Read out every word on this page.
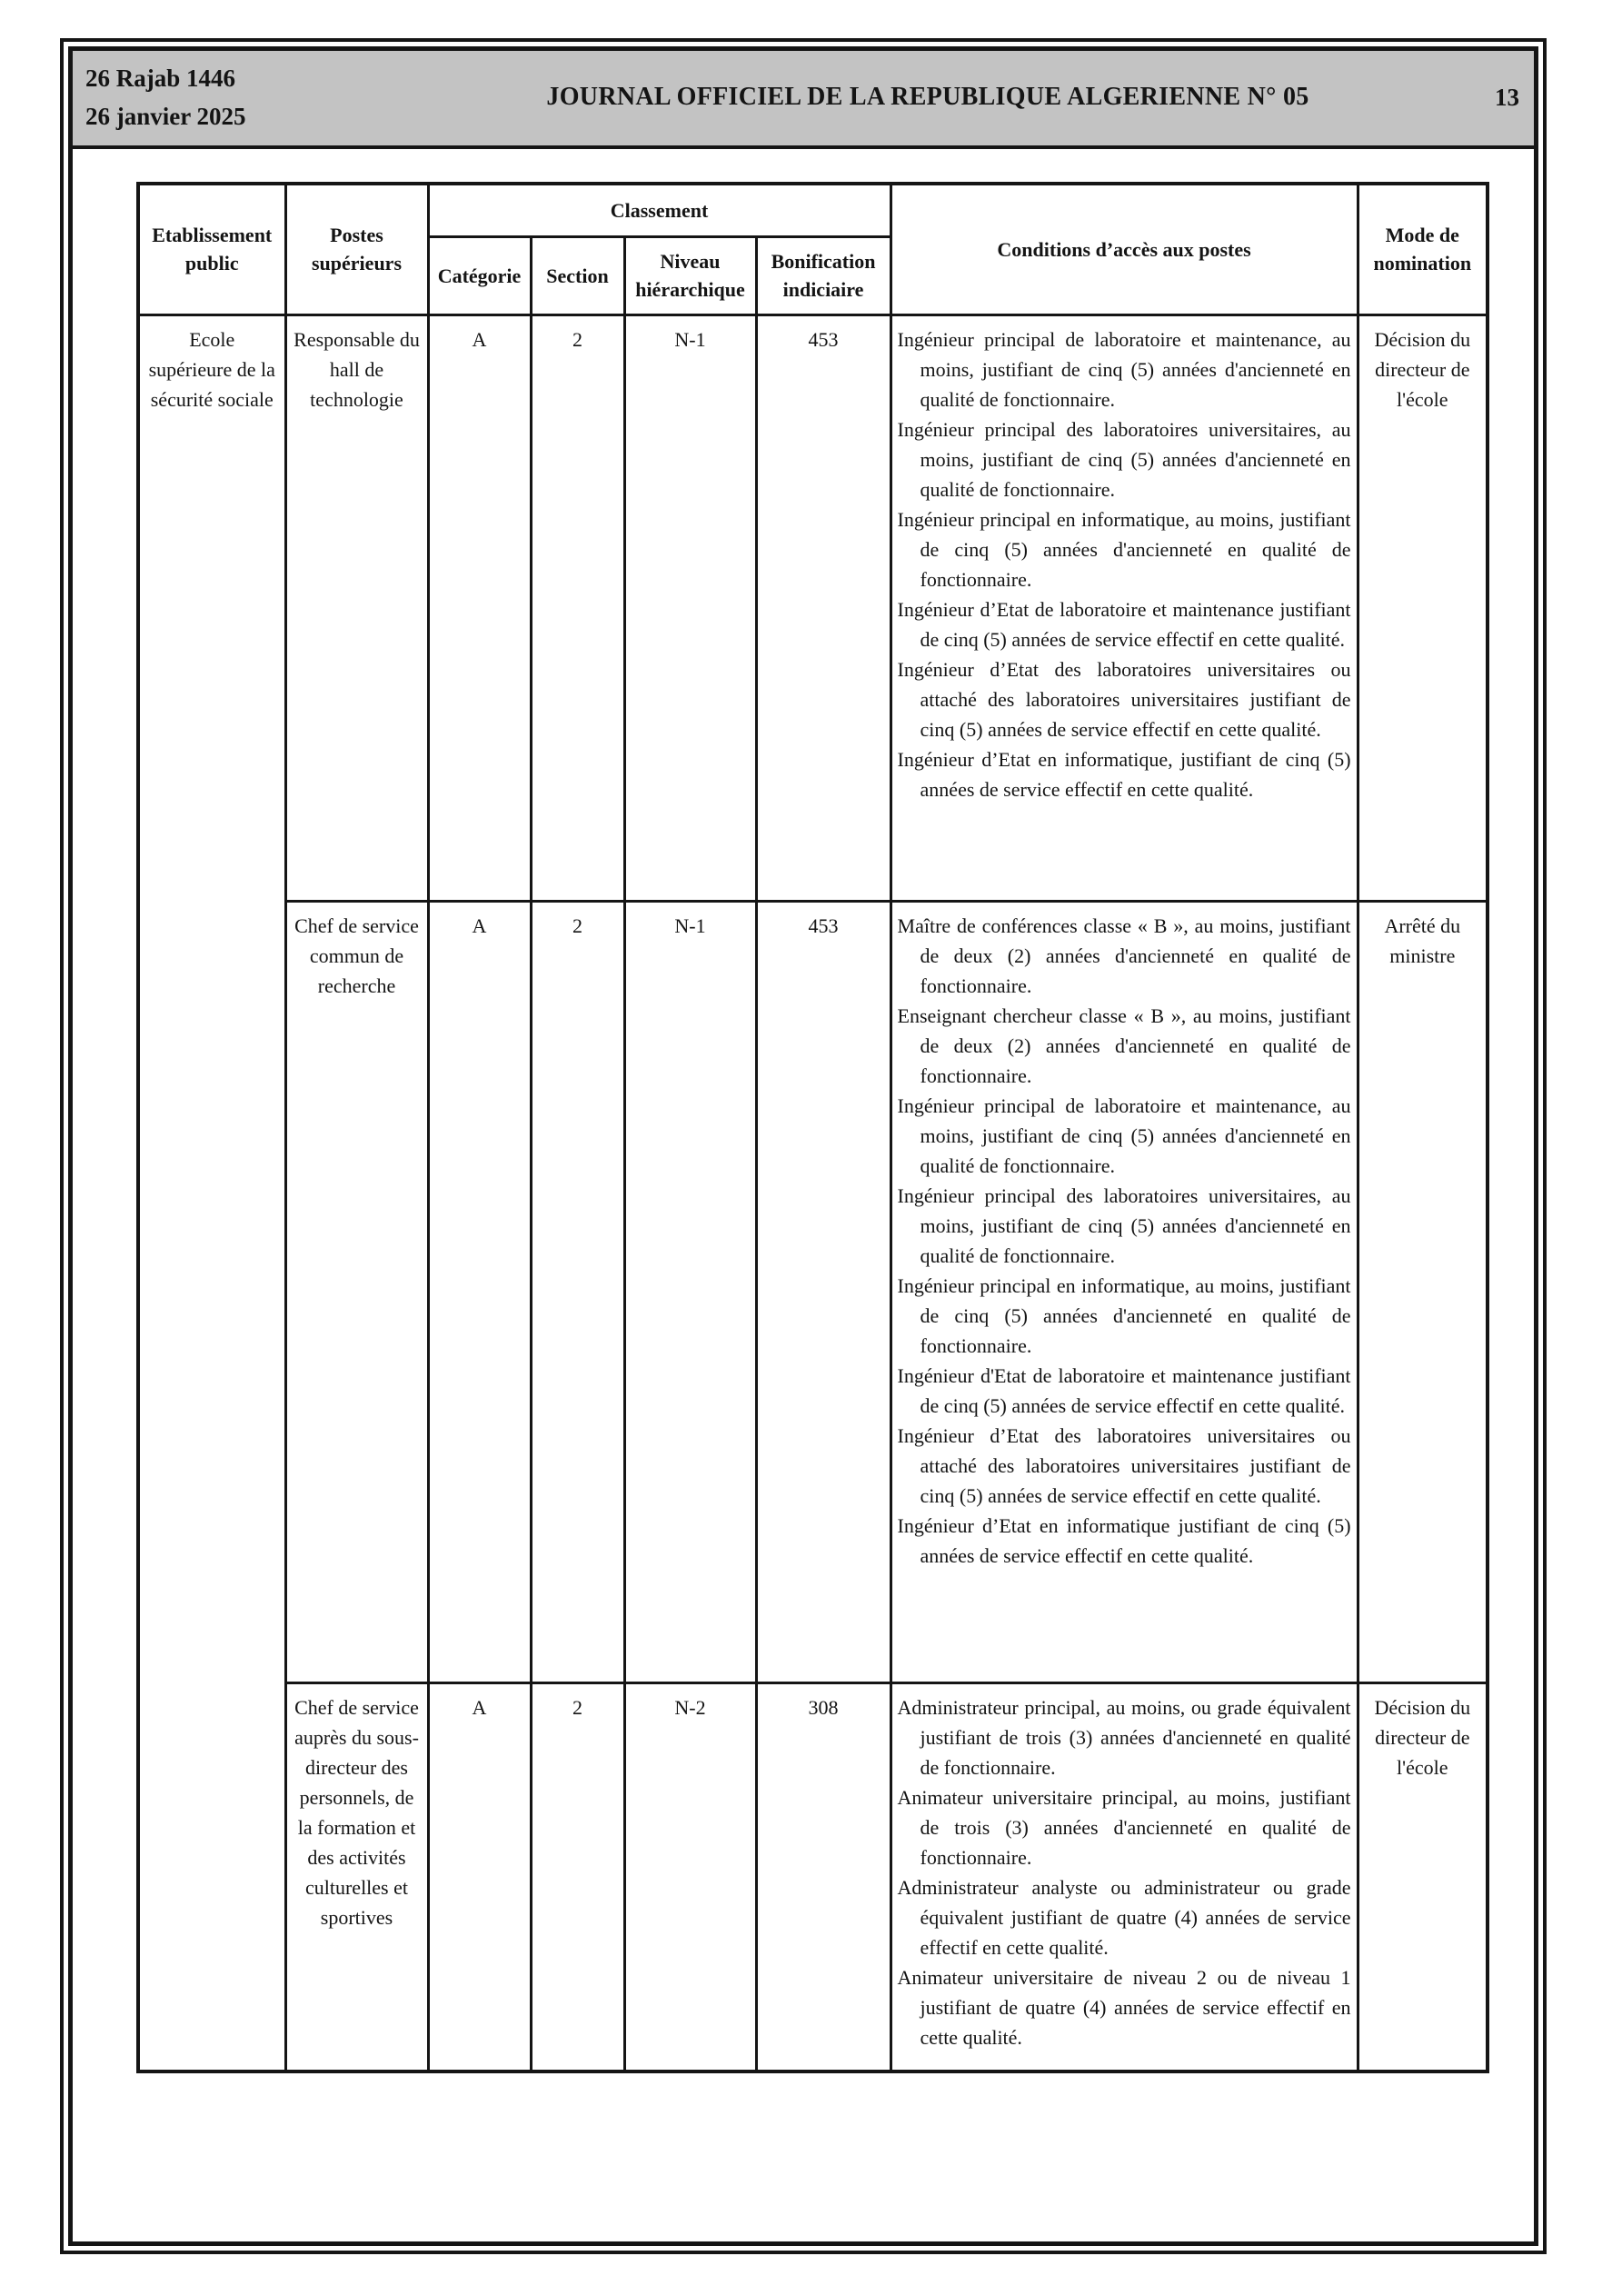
26 Rajab 1446
26 janvier 2025
JOURNAL OFFICIEL DE LA REPUBLIQUE ALGERIENNE N° 05	13
Etablissement public	Postes supérieurs	Classement				Conditions d’accès aux postes	Mode de nomination
		Catégorie	Section	Niveau hiérarchique	Bonification indiciaire		
Ecole supérieure de la sécurité sociale	Responsable du hall de technologie	A	2	N-1	453	Ingénieur principal de laboratoire et maintenance, au moins, justifiant de cinq (5) années d'ancienneté en qualité de fonctionnaire.
Ingénieur principal des laboratoires universitaires, au moins, justifiant de cinq (5) années d'ancienneté en qualité de fonctionnaire.
Ingénieur principal en informatique, au moins, justifiant de cinq (5) années d'ancienneté en qualité de fonctionnaire.
Ingénieur d’Etat de laboratoire et maintenance justifiant de cinq (5) années de service effectif en cette qualité.
Ingénieur d’Etat des laboratoires universitaires ou attaché des laboratoires universitaires justifiant de cinq (5) années de service effectif en cette qualité.
Ingénieur d’Etat en informatique, justifiant de cinq (5) années de service effectif en cette qualité.
	Décision du directeur de l'école
Chef de service commun de recherche	A	2	N-1	453	Maître de conférences classe « B », au moins, justifiant de deux (2) années d'ancienneté en qualité de fonctionnaire.
Enseignant chercheur classe « B », au moins, justifiant de deux (2) années d'ancienneté en qualité de fonctionnaire.
Ingénieur principal de laboratoire et maintenance, au moins, justifiant de cinq (5) années d'ancienneté en qualité de fonctionnaire.
Ingénieur principal des laboratoires universitaires, au moins, justifiant de cinq (5) années d'ancienneté en qualité de fonctionnaire.
Ingénieur principal en informatique, au moins, justifiant de cinq (5) années d'ancienneté en qualité de fonctionnaire.
Ingénieur d'Etat de laboratoire et maintenance justifiant de cinq (5) années de service effectif en cette qualité.
Ingénieur d’Etat des laboratoires universitaires ou attaché des laboratoires universitaires justifiant de cinq (5) années de service effectif en cette qualité.
Ingénieur d’Etat en informatique justifiant de cinq (5) années de service effectif en cette qualité.
	Arrêté du ministre
	Chef de service auprès du sous-directeur des personnels, de la formation et des activités culturelles et sportives	A	2	N-2	308	Administrateur principal, au moins, ou grade équivalent justifiant de trois (3) années d'ancienneté en qualité de fonctionnaire.
Animateur universitaire principal, au moins, justifiant de trois (3) années d'ancienneté en qualité de fonctionnaire.
Administrateur analyste ou administrateur ou grade équivalent justifiant de quatre (4) années de service effectif en cette qualité.
Animateur universitaire de niveau 2 ou de niveau 1 justifiant de quatre (4) années de service effectif en cette qualité.	Décision du directeur de l'école
